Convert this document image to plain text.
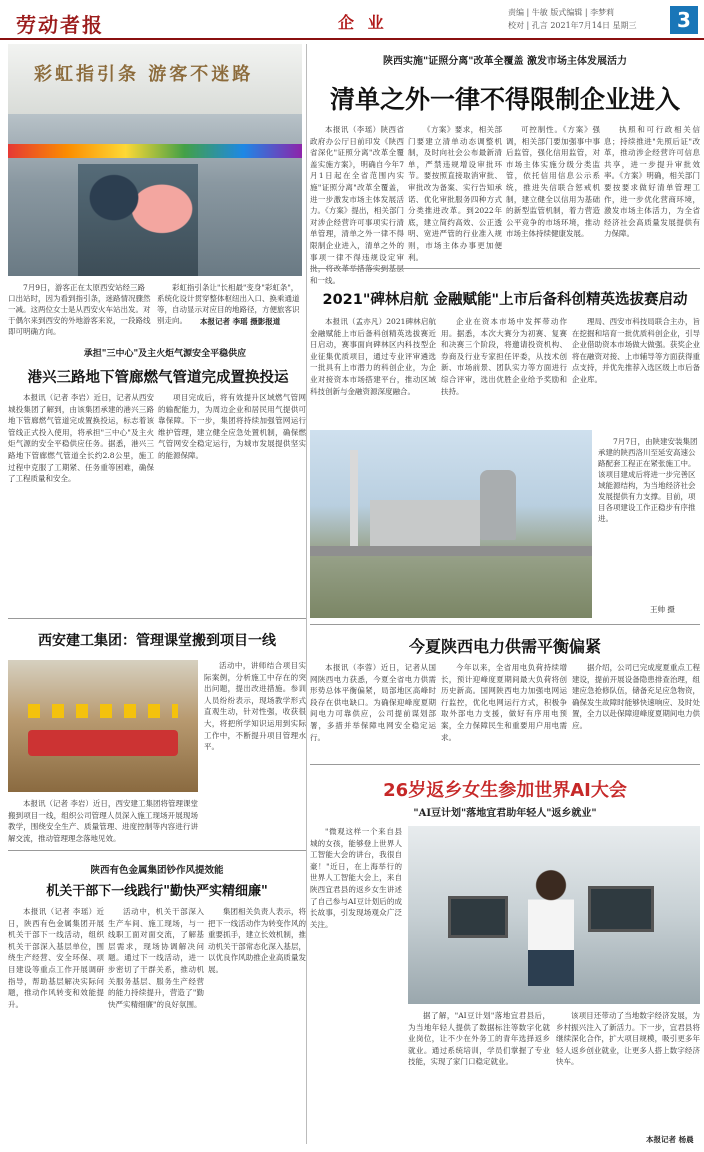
劳动者报	企 业
责编 | 牛敏 版式编辑 | 李梦莉
校对 | 孔言 2021年7月14日 星期三	3
彩虹指引条 游客不迷路
7月9日，游客正在太原西安站经三路口出站时，因为看到指引条，迷路情况骤然一减。这两位女士是从西安火车站出发。对于偶尔来到西安的外地游客来说，一段路线即可明确方向。
彩虹指引条让"长相最"变身"彩虹条"，系统化设计贯穿整体枢纽出入口、换乘通道等，自动显示对应目的地路径，方便旅客识别走向。	本报记者 李瑶 摄影报道
陕西实施"证照分离"改革全覆盖 激发市场主体发展活力
清单之外一律不得限制企业进入
本报讯（李瑶）陕西省政府办公厅日前印发《陕西省深化"证照分离"改革全覆盖实施方案》，明确自今年7月1日起在全省范围内实施"证照分离"改革全覆盖，进一步激发市场主体发展活力。《方案》提出，相关部门对涉企经营许可事项实行清单管理，清单之外一律不得限制企业进入，清单之外的事项一律不得违规设定审 和一线。
《方案》要求，相关部门要建立清单动态调整机制，及时向社会公布最新清单，严禁违规增设审批环节。要按照直接取消审批、审批改为备案、实行告知承诺、优化审批服务四种方式分类推进改革。到2022年底，建立简约高效、公正透明、宽进严管的行业准入规则，市场主体办事更加便利。
可控制性。《方案》强调，相关部门要加强事中事后监管，强化信用监管，对市场主体实施分级分类监管，依托信用信息公示系统，推进失信联合惩戒机制，建立健全以信用为基础的新型监管机制，着力营造公平竞争的市场环境，推动市场主体持续健康发展。
执照和可行政相关信息；持续推进"先照后证"改革，推动涉企经营许可信息共享，进一步提升审批效率。《方案》明确，相关部门要按要求做好清单管理工作，进一步优化营商环境，激发市场主体活力，为全省经济社会高质量发展提供有力保障。
2021"碑林启航 金融赋能"上市后备科创精英选拔赛启动
本报讯（孟亦凡）2021碑林启航金融赋能上市后备科创精英选拔赛近日启动，赛事面向碑林区内科技型企业征集优质项目，通过专业评审遴选一批具有上市潜力的科创企业，为企业对接资本市场搭建平台，推动区域科技创新与金融资源深度融合。
企业在资本市场中发挥带动作用。据悉，本次大赛分为初赛、复赛和决赛三个阶段，将邀请投资机构、券商及行业专家担任评委，从技术创新、市场前景、团队实力等方面进行综合评审，选出优胜企业给予奖励和扶持。
理局、西安市科技局联合主办，旨在挖掘和培育一批优质科创企业，引导企业借助资本市场做大做强。获奖企业将在融资对接、上市辅导等方面获得重点支持，并优先推荐入选区级上市后备企业库。
承担"三中心"及主火炬气源安全平稳供应
港兴三路地下管廊燃气管道完成置换投运
本报讯（记者 李岩）近日，记者从西安城投集团了解到，由该集团承建的港兴三路地下管廊燃气管道完成置换投运，标志着该管线正式投入使用，将承担"三中心"及主火炬气源的安全平稳供应任务。据悉，港兴三路地下管廊燃气管道全长约2.8公里，施工过程中克服了工期紧、任务重等困难，确保了工程质量和安全。
项目完成后，将有效提升区域燃气管网的输配能力，为周边企业和居民用气提供可靠保障。下一步，集团将持续加强管网运行维护管理，建立健全应急处置机制，确保燃气管网安全稳定运行，为城市发展提供坚实的能源保障。
7月7日，由陕建安装集团承建的陕西洛川至延安高速公路配套工程正在紧张施工中。该项目建成后将进一步完善区域能源结构，为当地经济社会发展提供有力支撑。目前，项目各项建设工作正稳步有序推进。
王帅 摄
西安建工集团：管理课堂搬到项目一线
本报讯（记者 李岩）近日，西安建工集团将管理课堂搬到项目一线，组织公司管理人员深入施工现场开展现场教学，围绕安全生产、质量管理、进度控制等内容进行讲解交流，推动管理理念落地见效。
活动中，讲师结合项目实际案例，分析施工中存在的突出问题，提出改进措施。参训人员纷纷表示，现场教学形式直观生动，针对性强，收获很大，将把所学知识运用到实际工作中，不断提升项目管理水平。
今夏陕西电力供需平衡偏紧
本报讯（李蓉）近日，记者从国网陕西电力获悉，今夏全省电力供需形势总体平衡偏紧，局部地区高峰时段存在供电缺口。为确保迎峰度夏期间电力可靠供应，公司提前谋划部署，多措并举保障电网安全稳定运行。
今年以来，全省用电负荷持续增长，预计迎峰度夏期间最大负荷将创历史新高。国网陕西电力加强电网运行监控，优化电网运行方式，积极争取外部电力支援，做好有序用电预案，全力保障民生和重要用户用电需求。
据介绍，公司已完成度夏重点工程建设，提前开展设备隐患排查治理，组建应急抢修队伍，储备充足应急物资，确保发生故障时能够快速响应、及时处置，全力以赴保障迎峰度夏期间电力供应。
陕西有色金属集团钞作风提效能
机关干部下一线践行"勤快严实精细廉"
本报讯（记者 李瑶）近日，陕西有色金属集团开展机关干部下一线活动，组织机关干部深入基层单位，围绕生产经营、安全环保、项目建设等重点工作开展调研指导，帮助基层解决实际问题，推动作风转变和效能提升。
活动中，机关干部深入生产车间、施工现场，与一线职工面对面交流，了解基层需求，现场协调解决问题。通过下一线活动，进一步密切了干群关系，推动机关服务基层、服务生产经营的能力持续提升，营造了"勤快严实精细廉"的良好氛围。
集团相关负责人表示，将把下一线活动作为转变作风的重要抓手，建立长效机制，推动机关干部常态化深入基层，以优良作风助推企业高质量发展。
26岁返乡女生参加世界AI大会
"AI豆计划"落地宜君助年轻人"返乡就业"
"微观这样一个来自县城的女孩，能够登上世界人工智能大会的讲台，我很自豪！"近日，在上海举行的世界人工智能大会上，来自陕西宜君县的返乡女生讲述了自己参与AI豆计划后的成长故事，引发现场观众广泛关注。
据了解，"AI豆计划"落地宜君县后，为当地年轻人提供了数据标注等数字化就业岗位，让不少在外务工的青年选择返乡就业。通过系统培训，学员们掌握了专业技能，实现了家门口稳定就业。
该项目还带动了当地数字经济发展，为乡村振兴注入了新活力。下一步，宜君县将继续深化合作，扩大项目规模，吸引更多年轻人返乡创业就业，让更多人搭上数字经济快车。
本报记者 杨晨
